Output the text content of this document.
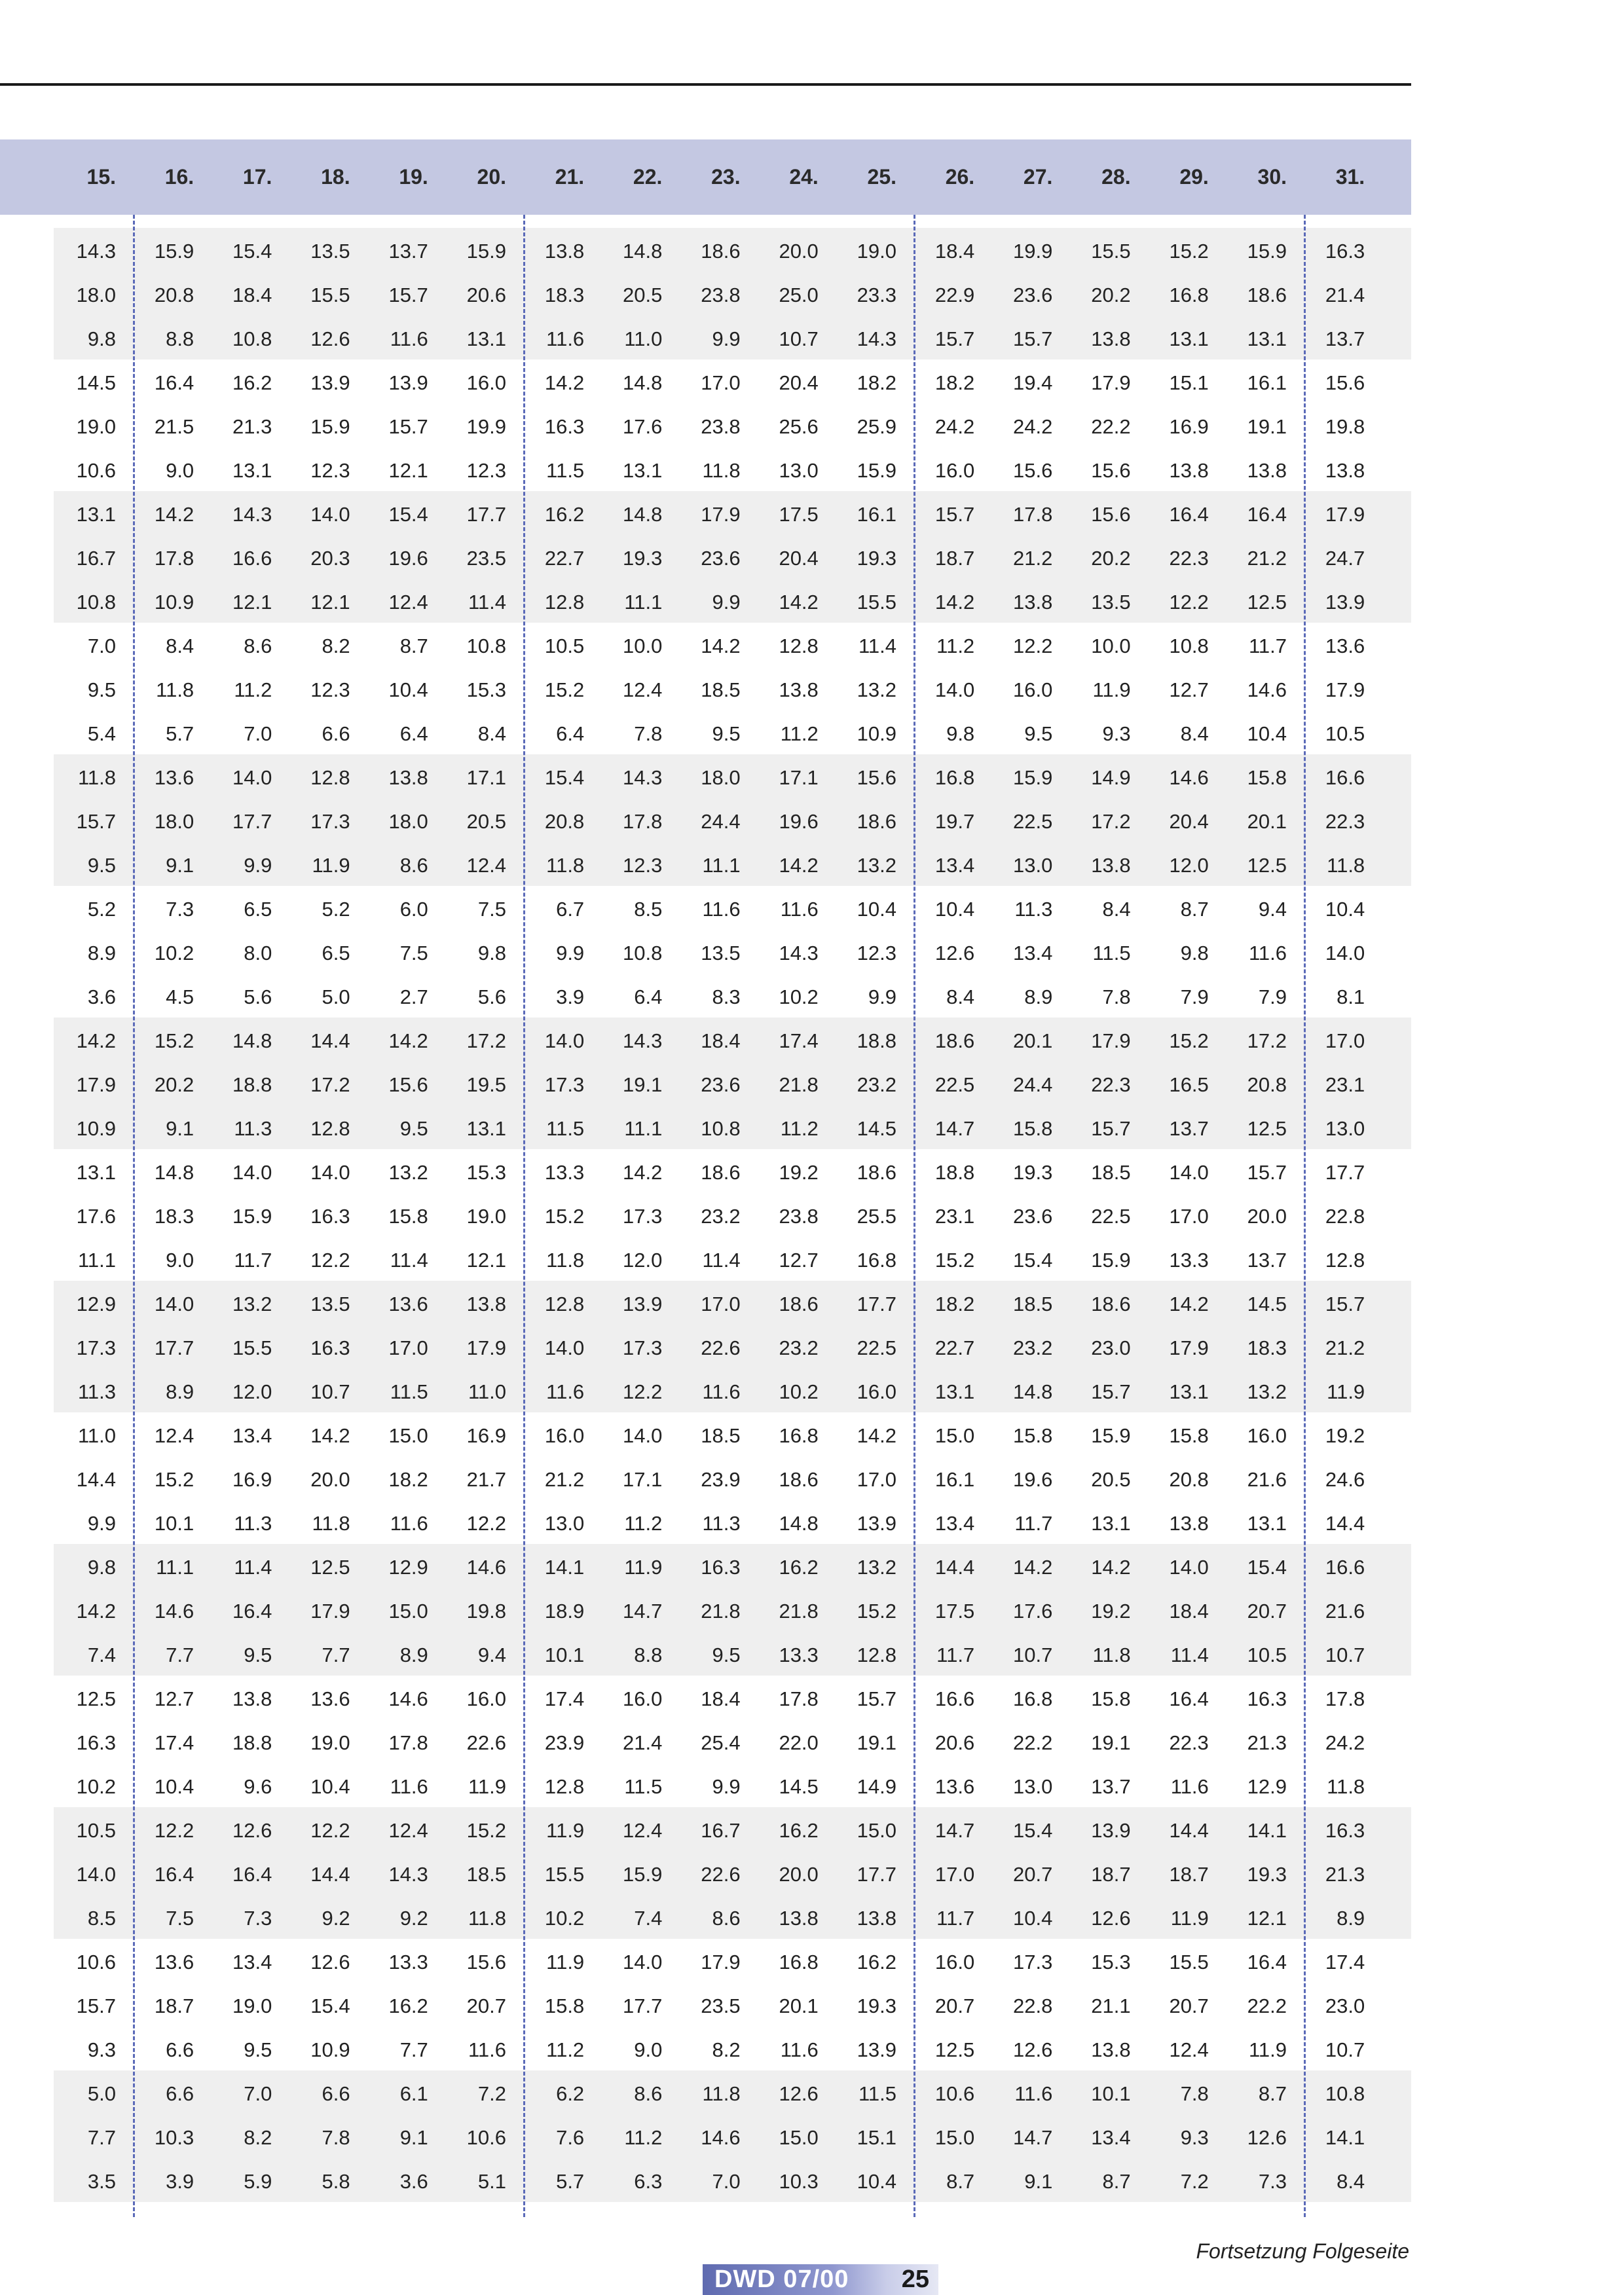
15.	16.	17.	18.	19.	20.	21.	22.	23.	24.	25.	26.	27.	28.	29.	30.	31.
14.3	15.9	15.4	13.5	13.7	15.9	13.8	14.8	18.6	20.0	19.0	18.4	19.9	15.5	15.2	15.9	16.3
18.0	20.8	18.4	15.5	15.7	20.6	18.3	20.5	23.8	25.0	23.3	22.9	23.6	20.2	16.8	18.6	21.4
9.8	8.8	10.8	12.6	11.6	13.1	11.6	11.0	9.9	10.7	14.3	15.7	15.7	13.8	13.1	13.1	13.7
14.5	16.4	16.2	13.9	13.9	16.0	14.2	14.8	17.0	20.4	18.2	18.2	19.4	17.9	15.1	16.1	15.6
19.0	21.5	21.3	15.9	15.7	19.9	16.3	17.6	23.8	25.6	25.9	24.2	24.2	22.2	16.9	19.1	19.8
10.6	9.0	13.1	12.3	12.1	12.3	11.5	13.1	11.8	13.0	15.9	16.0	15.6	15.6	13.8	13.8	13.8
13.1	14.2	14.3	14.0	15.4	17.7	16.2	14.8	17.9	17.5	16.1	15.7	17.8	15.6	16.4	16.4	17.9
16.7	17.8	16.6	20.3	19.6	23.5	22.7	19.3	23.6	20.4	19.3	18.7	21.2	20.2	22.3	21.2	24.7
10.8	10.9	12.1	12.1	12.4	11.4	12.8	11.1	9.9	14.2	15.5	14.2	13.8	13.5	12.2	12.5	13.9
7.0	8.4	8.6	8.2	8.7	10.8	10.5	10.0	14.2	12.8	11.4	11.2	12.2	10.0	10.8	11.7	13.6
9.5	11.8	11.2	12.3	10.4	15.3	15.2	12.4	18.5	13.8	13.2	14.0	16.0	11.9	12.7	14.6	17.9
5.4	5.7	7.0	6.6	6.4	8.4	6.4	7.8	9.5	11.2	10.9	9.8	9.5	9.3	8.4	10.4	10.5
11.8	13.6	14.0	12.8	13.8	17.1	15.4	14.3	18.0	17.1	15.6	16.8	15.9	14.9	14.6	15.8	16.6
15.7	18.0	17.7	17.3	18.0	20.5	20.8	17.8	24.4	19.6	18.6	19.7	22.5	17.2	20.4	20.1	22.3
9.5	9.1	9.9	11.9	8.6	12.4	11.8	12.3	11.1	14.2	13.2	13.4	13.0	13.8	12.0	12.5	11.8
5.2	7.3	6.5	5.2	6.0	7.5	6.7	8.5	11.6	11.6	10.4	10.4	11.3	8.4	8.7	9.4	10.4
8.9	10.2	8.0	6.5	7.5	9.8	9.9	10.8	13.5	14.3	12.3	12.6	13.4	11.5	9.8	11.6	14.0
3.6	4.5	5.6	5.0	2.7	5.6	3.9	6.4	8.3	10.2	9.9	8.4	8.9	7.8	7.9	7.9	8.1
14.2	15.2	14.8	14.4	14.2	17.2	14.0	14.3	18.4	17.4	18.8	18.6	20.1	17.9	15.2	17.2	17.0
17.9	20.2	18.8	17.2	15.6	19.5	17.3	19.1	23.6	21.8	23.2	22.5	24.4	22.3	16.5	20.8	23.1
10.9	9.1	11.3	12.8	9.5	13.1	11.5	11.1	10.8	11.2	14.5	14.7	15.8	15.7	13.7	12.5	13.0
13.1	14.8	14.0	14.0	13.2	15.3	13.3	14.2	18.6	19.2	18.6	18.8	19.3	18.5	14.0	15.7	17.7
17.6	18.3	15.9	16.3	15.8	19.0	15.2	17.3	23.2	23.8	25.5	23.1	23.6	22.5	17.0	20.0	22.8
11.1	9.0	11.7	12.2	11.4	12.1	11.8	12.0	11.4	12.7	16.8	15.2	15.4	15.9	13.3	13.7	12.8
12.9	14.0	13.2	13.5	13.6	13.8	12.8	13.9	17.0	18.6	17.7	18.2	18.5	18.6	14.2	14.5	15.7
17.3	17.7	15.5	16.3	17.0	17.9	14.0	17.3	22.6	23.2	22.5	22.7	23.2	23.0	17.9	18.3	21.2
11.3	8.9	12.0	10.7	11.5	11.0	11.6	12.2	11.6	10.2	16.0	13.1	14.8	15.7	13.1	13.2	11.9
11.0	12.4	13.4	14.2	15.0	16.9	16.0	14.0	18.5	16.8	14.2	15.0	15.8	15.9	15.8	16.0	19.2
14.4	15.2	16.9	20.0	18.2	21.7	21.2	17.1	23.9	18.6	17.0	16.1	19.6	20.5	20.8	21.6	24.6
9.9	10.1	11.3	11.8	11.6	12.2	13.0	11.2	11.3	14.8	13.9	13.4	11.7	13.1	13.8	13.1	14.4
9.8	11.1	11.4	12.5	12.9	14.6	14.1	11.9	16.3	16.2	13.2	14.4	14.2	14.2	14.0	15.4	16.6
14.2	14.6	16.4	17.9	15.0	19.8	18.9	14.7	21.8	21.8	15.2	17.5	17.6	19.2	18.4	20.7	21.6
7.4	7.7	9.5	7.7	8.9	9.4	10.1	8.8	9.5	13.3	12.8	11.7	10.7	11.8	11.4	10.5	10.7
12.5	12.7	13.8	13.6	14.6	16.0	17.4	16.0	18.4	17.8	15.7	16.6	16.8	15.8	16.4	16.3	17.8
16.3	17.4	18.8	19.0	17.8	22.6	23.9	21.4	25.4	22.0	19.1	20.6	22.2	19.1	22.3	21.3	24.2
10.2	10.4	9.6	10.4	11.6	11.9	12.8	11.5	9.9	14.5	14.9	13.6	13.0	13.7	11.6	12.9	11.8
10.5	12.2	12.6	12.2	12.4	15.2	11.9	12.4	16.7	16.2	15.0	14.7	15.4	13.9	14.4	14.1	16.3
14.0	16.4	16.4	14.4	14.3	18.5	15.5	15.9	22.6	20.0	17.7	17.0	20.7	18.7	18.7	19.3	21.3
8.5	7.5	7.3	9.2	9.2	11.8	10.2	7.4	8.6	13.8	13.8	11.7	10.4	12.6	11.9	12.1	8.9
10.6	13.6	13.4	12.6	13.3	15.6	11.9	14.0	17.9	16.8	16.2	16.0	17.3	15.3	15.5	16.4	17.4
15.7	18.7	19.0	15.4	16.2	20.7	15.8	17.7	23.5	20.1	19.3	20.7	22.8	21.1	20.7	22.2	23.0
9.3	6.6	9.5	10.9	7.7	11.6	11.2	9.0	8.2	11.6	13.9	12.5	12.6	13.8	12.4	11.9	10.7
5.0	6.6	7.0	6.6	6.1	7.2	6.2	8.6	11.8	12.6	11.5	10.6	11.6	10.1	7.8	8.7	10.8
7.7	10.3	8.2	7.8	9.1	10.6	7.6	11.2	14.6	15.0	15.1	15.0	14.7	13.4	9.3	12.6	14.1
3.5	3.9	5.9	5.8	3.6	5.1	5.7	6.3	7.0	10.3	10.4	8.7	9.1	8.7	7.2	7.3	8.4
Fortsetzung Folgeseite
DWD 07/00 25
